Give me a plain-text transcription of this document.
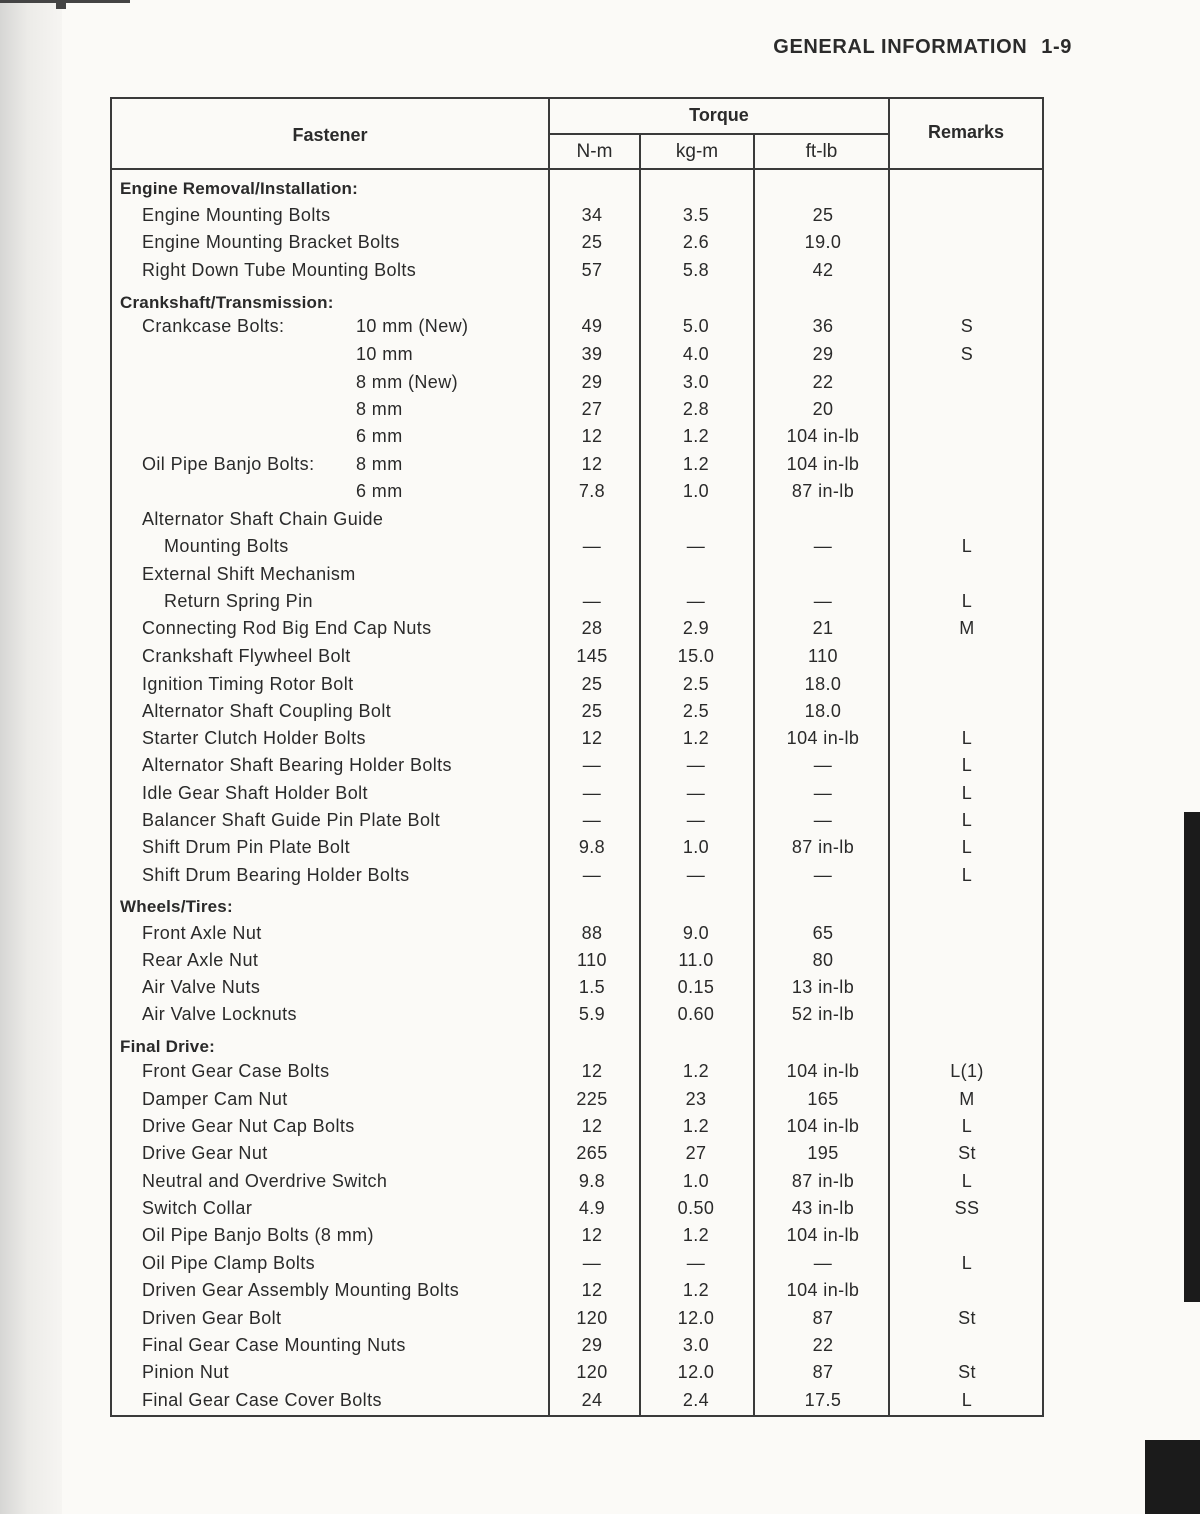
GENERAL INFORMATION 1-9
Fastener
Torque
Remarks
N-m	kg-m	ft-lb
Engine Removal/Installation:
Engine Mounting Bolts	34	3.5	25
Engine Mounting Bracket Bolts	25	2.6	19.0
Right Down Tube Mounting Bolts	57	5.8	42
Crankshaft/Transmission:
Crankcase Bolts:	10 mm (New)	49	5.0	36	S
10 mm	39	4.0	29	S
8 mm (New)	29	3.0	22
8 mm	27	2.8	20
6 mm	12	1.2	104 in-lb
Oil Pipe Banjo Bolts: 8 mm	12	1.2	104 in-lb
6 mm	7.8	1.0	87 in-lb
Alternator Shaft Chain Guide
Mounting Bolts	—	—	—	L
External Shift Mechanism
Return Spring Pin	—	—	—	L
Connecting Rod Big End Cap Nuts	28	2.9	21	M
Crankshaft Flywheel Bolt	145	15.0	110
Ignition Timing Rotor Bolt	25	2.5	18.0
Alternator Shaft Coupling Bolt	25	2.5	18.0
Starter Clutch Holder Bolts	12	1.2	104 in-lb	L
Alternator Shaft Bearing Holder Bolts	—	—	—	L
Idle Gear Shaft Holder Bolt	—	—	—	L
Balancer Shaft Guide Pin Plate Bolt	—	—	—	L
Shift Drum Pin Plate Bolt	9.8	1.0	87 in-lb	L
Shift Drum Bearing Holder Bolts	—	—	—	L
Wheels/Tires:
Front Axle Nut	88	9.0	65
Rear Axle Nut	110	11.0	80
Air Valve Nuts	1.5	0.15	13 in-lb
Air Valve Locknuts	5.9	0.60	52 in-lb
Final Drive:
Front Gear Case Bolts	12	1.2	104 in-lb	L(1)
Damper Cam Nut	225	23	165	M
Drive Gear Nut Cap Bolts	12	1.2	104 in-lb	L
Drive Gear Nut	265	27	195	St
Neutral and Overdrive Switch	9.8	1.0	87 in-lb	L
Switch Collar	4.9	0.50	43 in-lb	SS
Oil Pipe Banjo Bolts (8 mm)	12	1.2	104 in-lb
Oil Pipe Clamp Bolts	—	—	—	L
Driven Gear Assembly Mounting Bolts	12	1.2	104 in-lb
Driven Gear Bolt	120	12.0	87	St
Final Gear Case Mounting Nuts	29	3.0	22
Pinion Nut	120	12.0	87	St
Final Gear Case Cover Bolts	24	2.4	17.5	L
